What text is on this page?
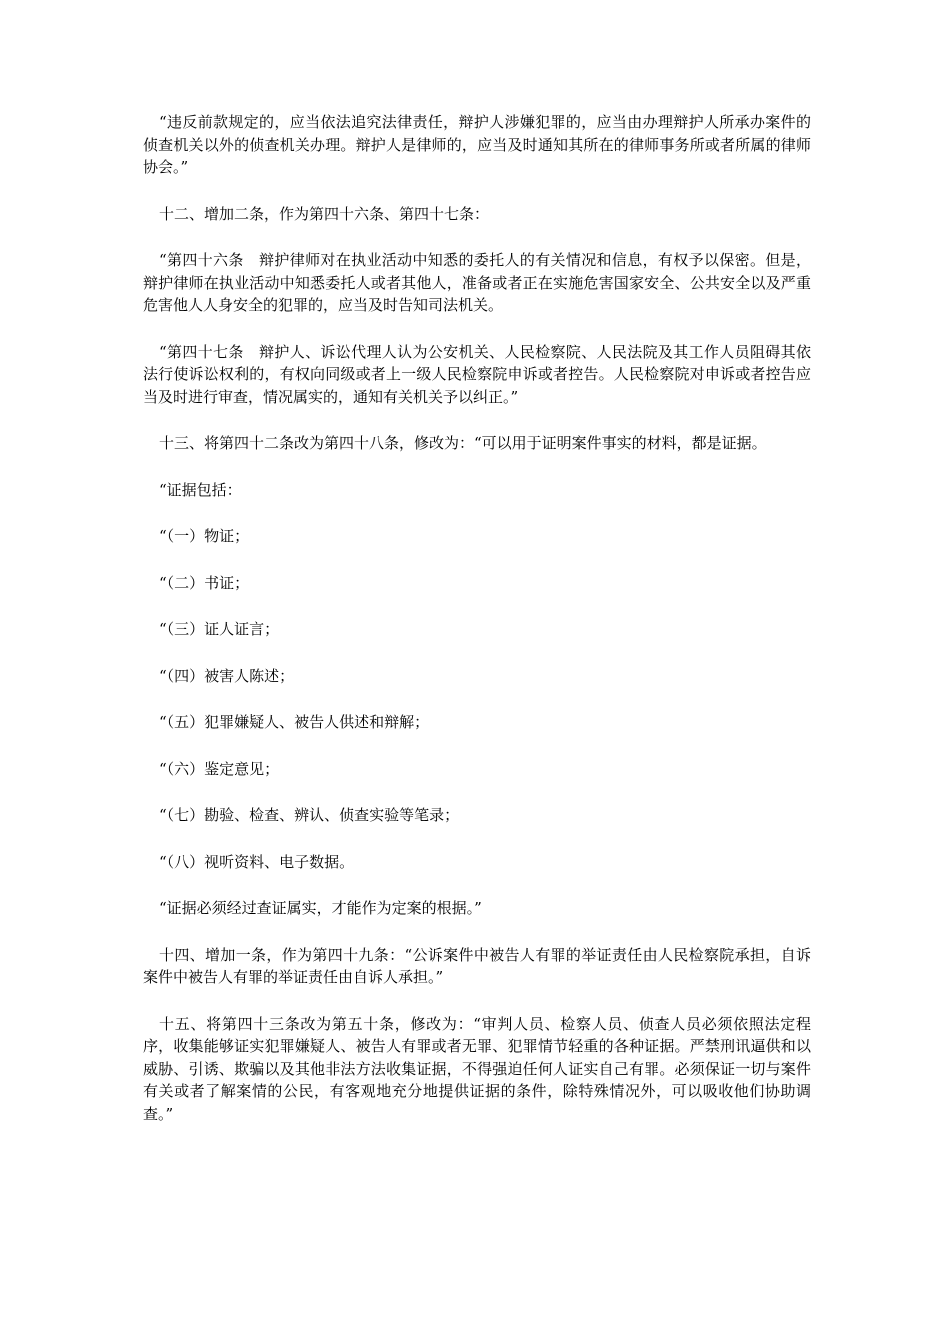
“违反前款规定的，应当依法追究法律责任，辩护人涉嫌犯罪的，应当由办理辩护人所承办案件的侦查机关以外的侦查机关办理。辩护人是律师的，应当及时通知其所在的律师事务所或者所属的律师协会。”

十二、增加二条，作为第四十六条、第四十七条：

“第四十六条　辩护律师对在执业活动中知悉的委托人的有关情况和信息，有权予以保密。但是，辩护律师在执业活动中知悉委托人或者其他人，准备或者正在实施危害国家安全、公共安全以及严重危害他人人身安全的犯罪的，应当及时告知司法机关。

“第四十七条　辩护人、诉讼代理人认为公安机关、人民检察院、人民法院及其工作人员阻碍其依法行使诉讼权利的，有权向同级或者上一级人民检察院申诉或者控告。人民检察院对申诉或者控告应当及时进行审查，情况属实的，通知有关机关予以纠正。”

十三、将第四十二条改为第四十八条，修改为：“可以用于证明案件事实的材料，都是证据。

“证据包括：

“（一）物证；

“（二）书证；

“（三）证人证言；

“（四）被害人陈述；

“（五）犯罪嫌疑人、被告人供述和辩解；

“（六）鉴定意见；

“（七）勘验、检查、辨认、侦查实验等笔录；

“（八）视听资料、电子数据。

“证据必须经过查证属实，才能作为定案的根据。”

十四、增加一条，作为第四十九条：“公诉案件中被告人有罪的举证责任由人民检察院承担，自诉案件中被告人有罪的举证责任由自诉人承担。”

十五、将第四十三条改为第五十条，修改为：“审判人员、检察人员、侦查人员必须依照法定程序，收集能够证实犯罪嫌疑人、被告人有罪或者无罪、犯罪情节轻重的各种证据。严禁刑讯逼供和以威胁、引诱、欺骗以及其他非法方法收集证据，不得强迫任何人证实自己有罪。必须保证一切与案件有关或者了解案情的公民，有客观地充分地提供证据的条件，除特殊情况外，可以吸收他们协助调查。”
